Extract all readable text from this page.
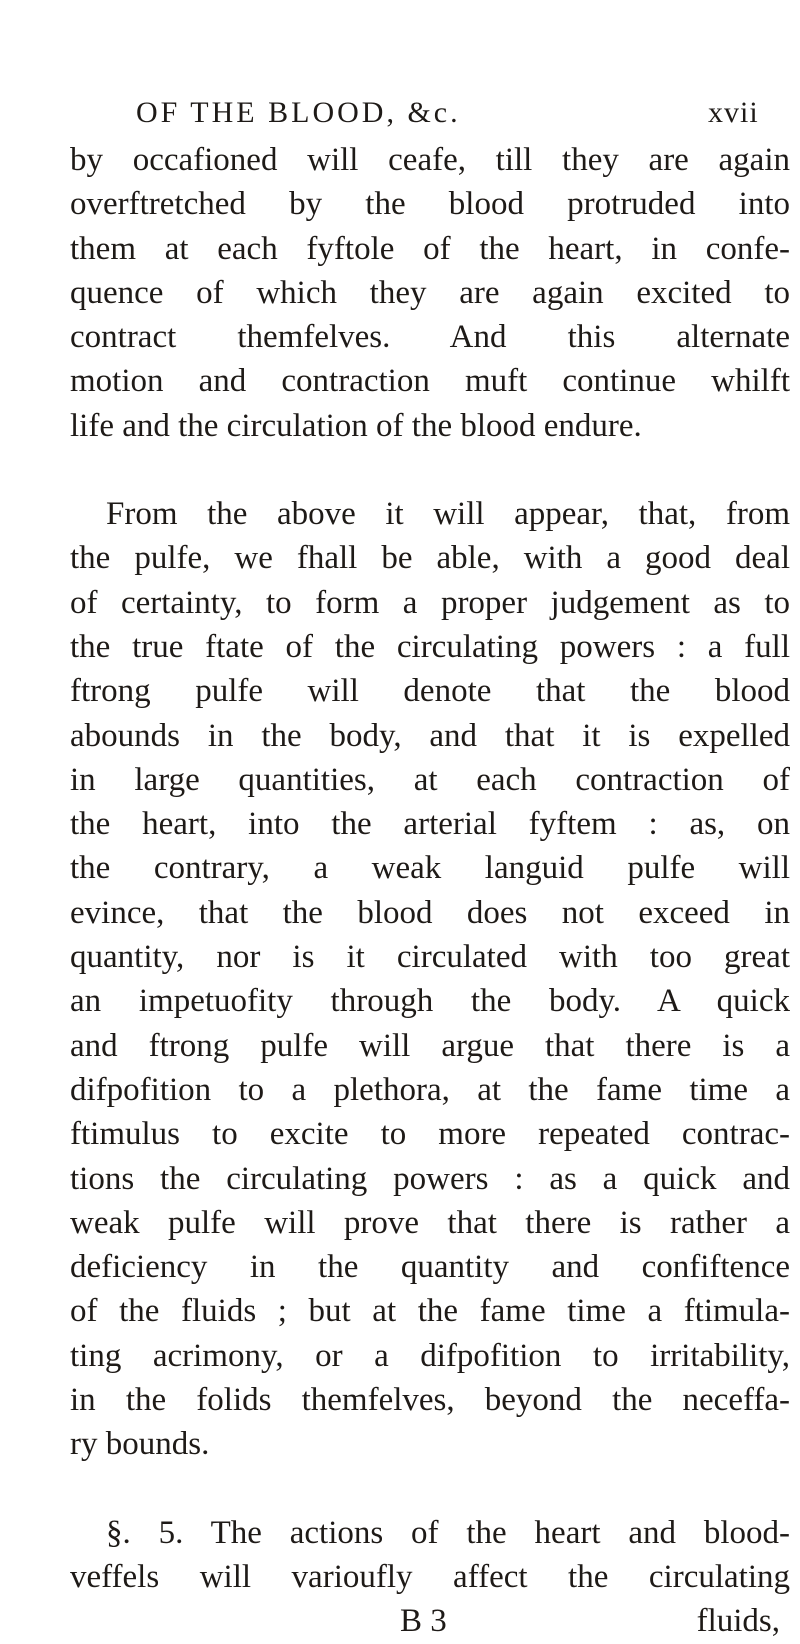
OF THE BLOOD, &c.	xvii
by occafioned will ceafe, till they are again
overftretched by the blood protruded into
them at each fyftole of the heart, in confe-
quence of which they are again excited to
contract themfelves. And this alternate
motion and contraction muft continue whilft
life and the circulation of the blood endure.
From the above it will appear, that, from
the pulfe, we fhall be able, with a good deal
of certainty, to form a proper judgement as to
the true ftate of the circulating powers : a full
ftrong pulfe will denote that the blood
abounds in the body, and that it is expelled
in large quantities, at each contraction of
the heart, into the arterial fyftem : as, on
the contrary, a weak languid pulfe will
evince, that the blood does not exceed in
quantity, nor is it circulated with too great
an impetuofity through the body. A quick
and ftrong pulfe will argue that there is a
difpofition to a plethora, at the fame time a
ftimulus to excite to more repeated contrac-
tions the circulating powers : as a quick and
weak pulfe will prove that there is rather a
deficiency in the quantity and confiftence
of the fluids ; but at the fame time a ftimula-
ting acrimony, or a difpofition to irritability,
in the folids themfelves, beyond the neceffa-
ry bounds.
§. 5. The actions of the heart and blood-
veffels will varioufly affect the circulating
B 3	fluids,
